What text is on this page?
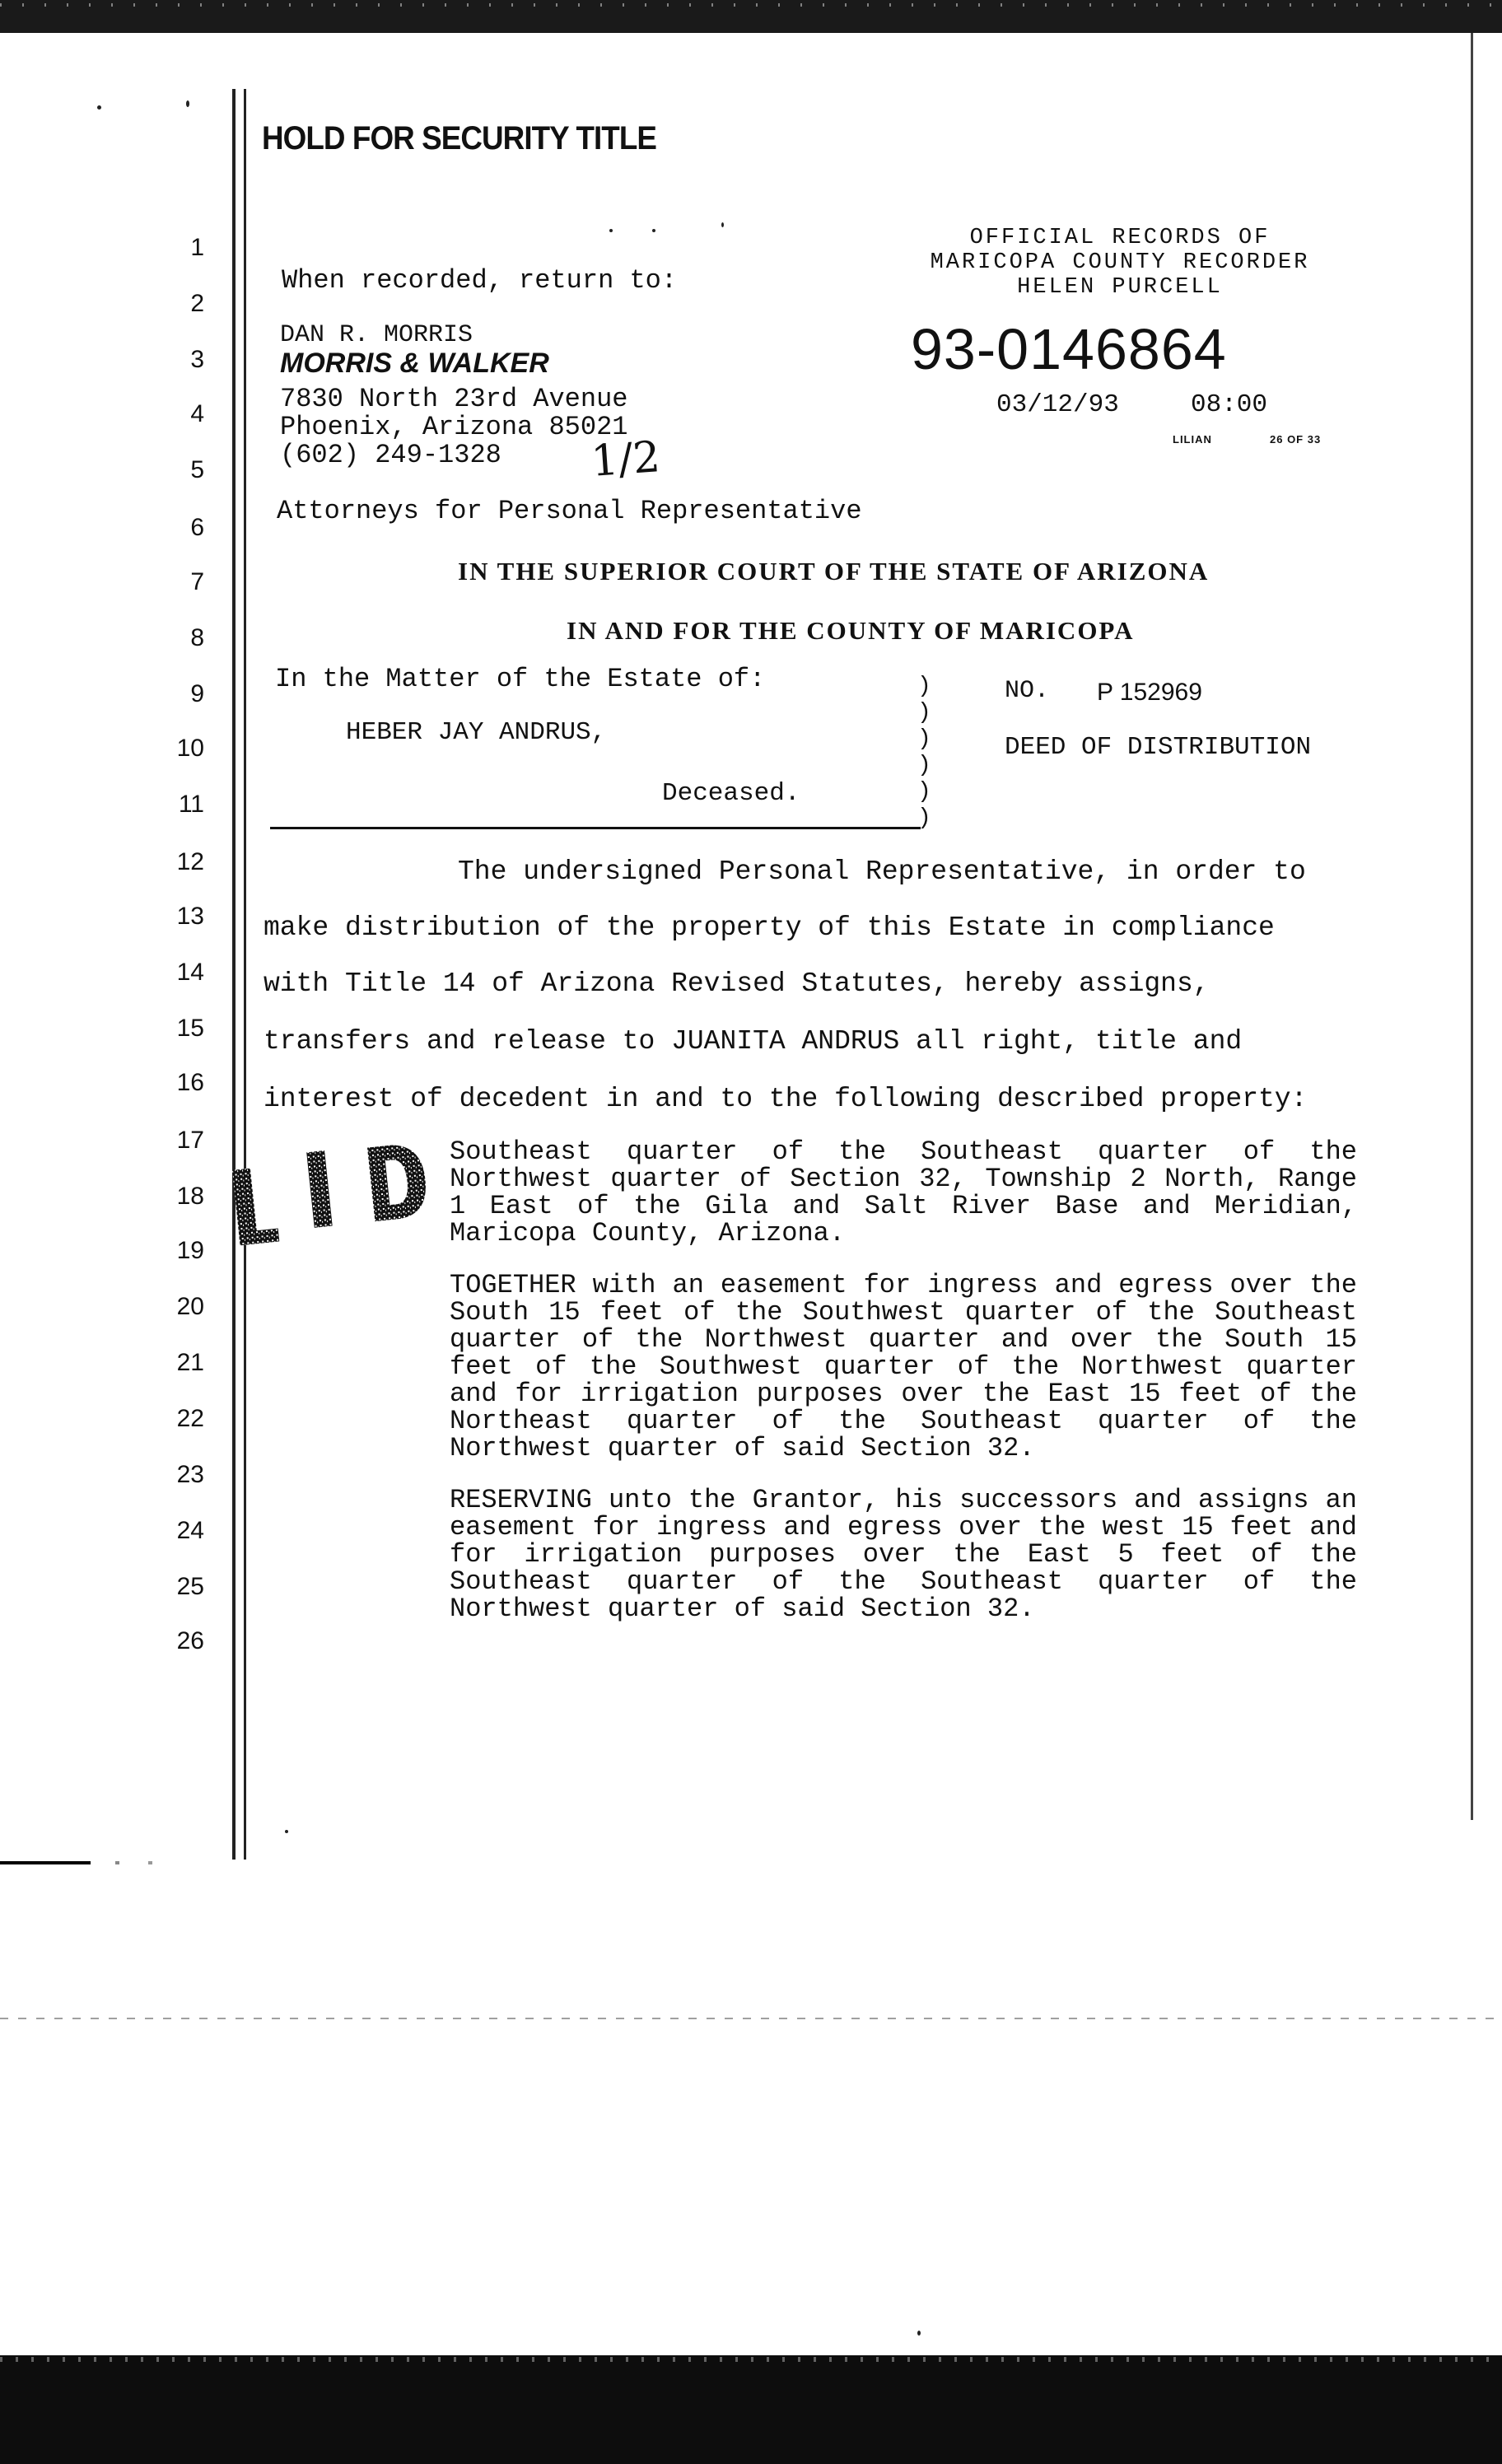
HOLD FOR SECURITY TITLE
1
2
3
4
5
6
7
8
9
10
11
12
13
14
15
16
17
18
19
20
21
22
23
24
25
26
When recorded, return to:
DAN R. MORRIS
MORRIS & WALKER
7830 North 23rd Avenue
Phoenix, Arizona 85021
(602) 249-1328 1/2
Attorneys for Personal Representative
OFFICIAL RECORDS OF
MARICOPA COUNTY RECORDER
HELEN PURCELL
93-0146864
03/12/93	08:00
LILIAN	26 OF 33
IN THE SUPERIOR COURT OF THE STATE OF ARIZONA
IN AND FOR THE COUNTY OF MARICOPA
In the Matter of the Estate of:
HEBER JAY ANDRUS,
Deceased.
)
)
)
)
)
)
NO. P 152969
DEED OF DISTRIBUTION
The undersigned Personal Representative, in order to
make distribution of the property of this Estate in compliance
with Title 14 of Arizona Revised Statutes, hereby assigns,
transfers and release to JUANITA ANDRUS all right, title and
interest of decedent in and to the following described property:

Southeast quarter of the Southeast quarter of the Northwest quarter of Section 32, Township 2 North, Range 1 East of the Gila and Salt River Base and Meridian, Maricopa County, Arizona.

TOGETHER with an easement for ingress and egress over the South 15 feet of the Southwest quarter of the Southeast quarter of the Northwest quarter and over the South 15 feet of the Southwest quarter of the Northwest quarter and for irrigation purposes over the East 15 feet of the Northeast quarter of the Southeast quarter of the Northwest quarter of said Section 32.

RESERVING unto the Grantor, his successors and assigns an easement for ingress and egress over the west 15 feet and for irrigation purposes over the East 5 feet of the Southeast quarter of the Southeast quarter of the Northwest quarter of said Section 32.
